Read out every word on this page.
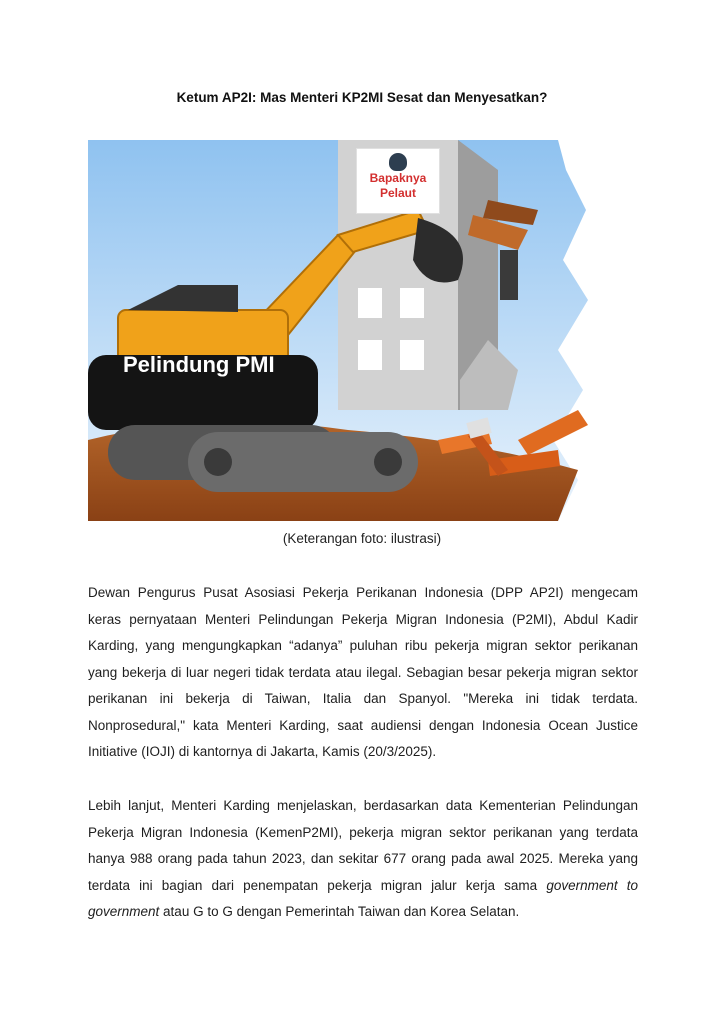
Ketum AP2I: Mas Menteri KP2MI Sesat dan Menyesatkan?
Pelindung PMI
Bapaknya
Pelaut
(Keterangan foto: ilustrasi)

Dewan Pengurus Pusat Asosiasi Pekerja Perikanan Indonesia (DPP AP2I) mengecam keras pernyataan Menteri Pelindungan Pekerja Migran Indonesia (P2MI), Abdul Kadir Karding, yang mengungkapkan “adanya” puluhan ribu pekerja migran sektor perikanan yang bekerja di luar negeri tidak terdata atau ilegal. Sebagian besar pekerja migran sektor perikanan ini bekerja di Taiwan, Italia dan Spanyol. "Mereka ini tidak terdata. Nonprosedural," kata Menteri Karding, saat audiensi dengan Indonesia Ocean Justice Initiative (IOJI) di kantornya di Jakarta, Kamis (20/3/2025).

Lebih lanjut, Menteri Karding menjelaskan, berdasarkan data Kementerian Pelindungan Pekerja Migran Indonesia (KemenP2MI), pekerja migran sektor perikanan yang terdata hanya 988 orang pada tahun 2023, dan sekitar 677 orang pada awal 2025. Mereka yang terdata ini bagian dari penempatan pekerja migran jalur kerja sama government to government atau G to G dengan Pemerintah Taiwan dan Korea Selatan.
